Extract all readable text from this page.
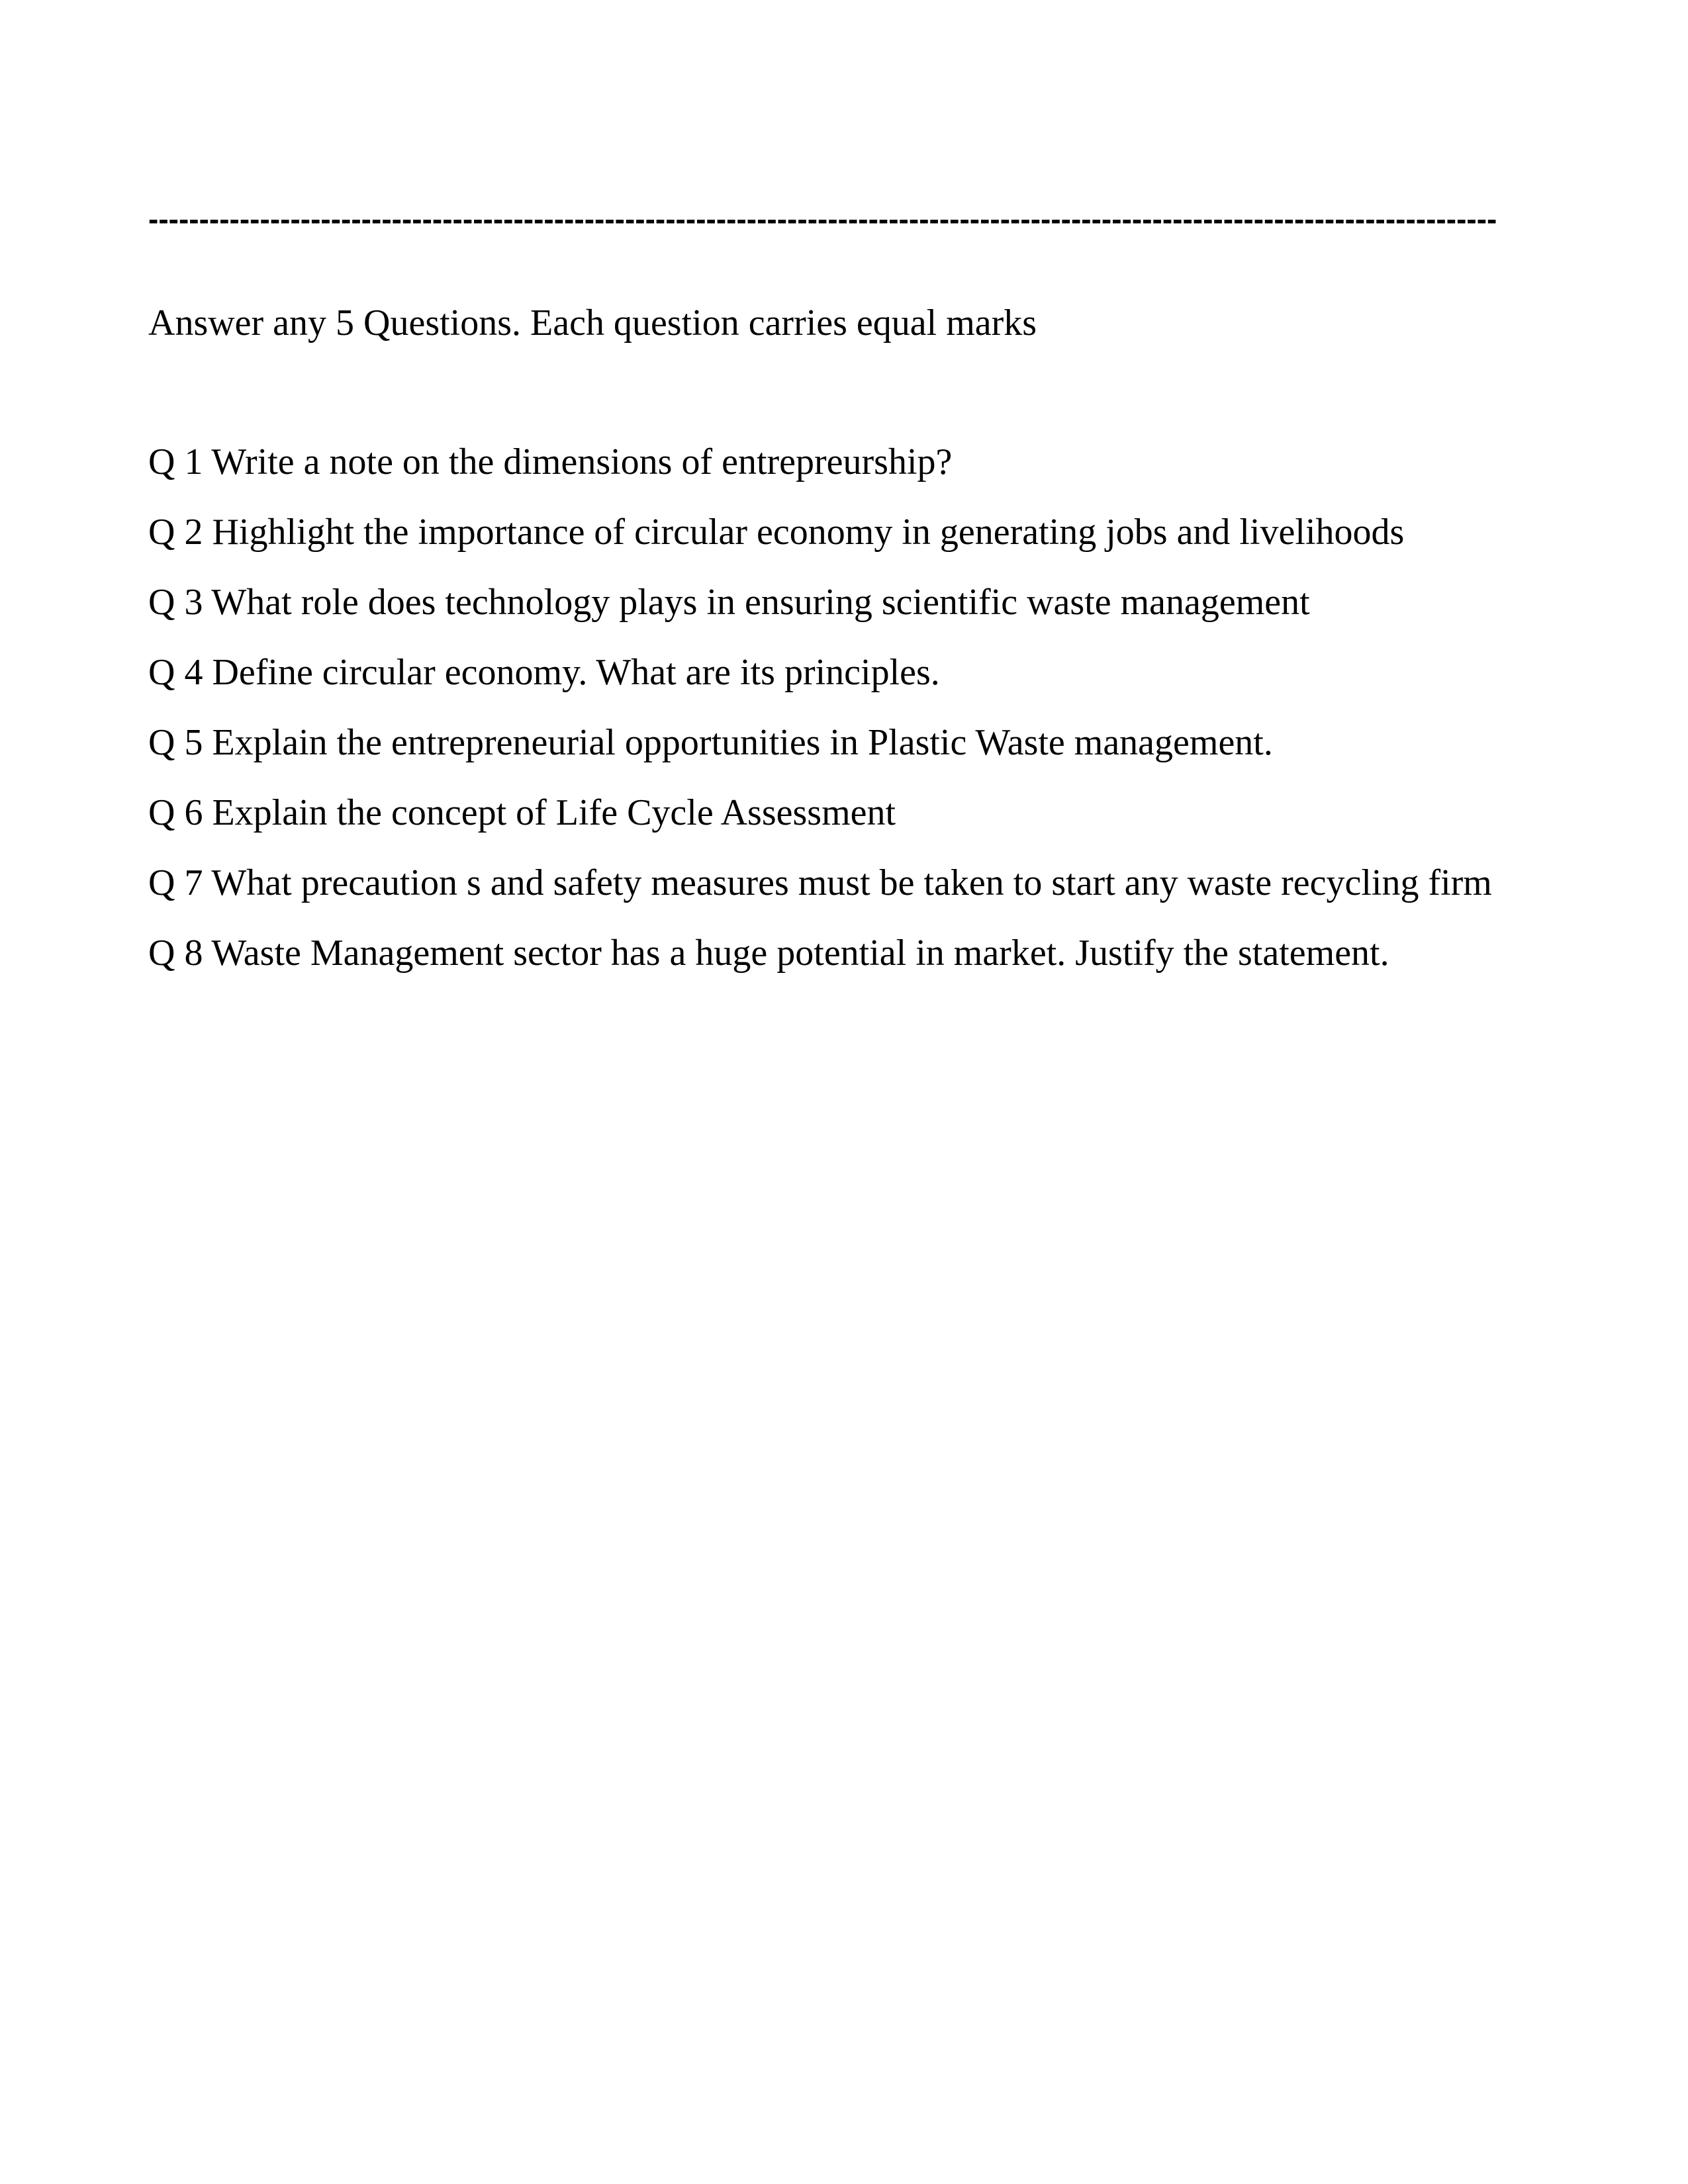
-------------------------------------------------------------------------------------------------------------------------------------
Answer any 5 Questions. Each question carries equal marks
Q 1 Write a note on the dimensions of entrepreurship?
Q 2 Highlight the importance of circular economy in generating jobs and livelihoods
Q 3 What role does technology plays in ensuring scientific waste management
Q 4 Define circular economy. What are its principles.
Q 5 Explain the entrepreneurial opportunities in Plastic Waste management.
Q 6 Explain the concept of Life Cycle Assessment
Q 7 What precaution s and safety measures must be taken to start any waste recycling firm
Q 8 Waste Management sector has a huge potential in market. Justify the statement.
